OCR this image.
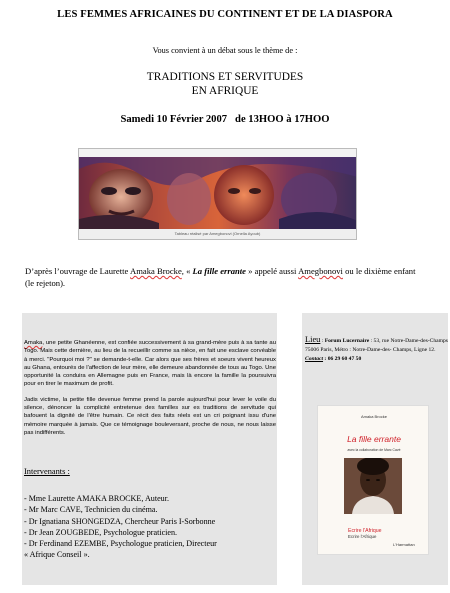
LES FEMMES AFRICAINES DU CONTINENT ET DE LA DIASPORA
Vous convient à un débat sous le thème de :
TRADITIONS ET SERVITUDES
EN AFRIQUE
Samedi 10 Février 2007 de 13HOO à 17HOO
Tableau réalisé par Amegbonovi (Ornella Ayoub)
D’après l’ouvrage de Laurette Amaka Brocke, « La fille errante » appelé aussi Amegbonovi ou le dixième enfant (le rejeton).

Amaka, une petite Ghanéenne, est confiée successivement à sa grand-mère puis à sa tante au Togo. Mais cette dernière, au lieu de la recueillir comme sa nièce, en fait une esclave corvéable à merci. "Pourquoi moi ?" se demande-t-elle. Car alors que ses frères et soeurs vivent heureux au Ghana, entourés de l'affection de leur mère, elle demeure abandonnée de tous au Togo. Une opportunité la conduira en Allemagne puis en France, mais là encore la famille la poursuivra pour en tirer le maximum de profit.

Jadis victime, la petite fille devenue femme prend la parole aujourd'hui pour lever le voile du silence, dénoncer la complicité entretenue des familles sur es traditions de servitude qui bafouent la dignité de l'être humain. Ce récit des faits réels est un cri poignant issu d'une mémoire marquée à jamais. Que ce témoignage bouleversant, proche de nous, ne nous laisse pas indifférents.

Intervenants :
- Mme Laurette AMAKA BROCKE, Auteur.
- Mr Marc CAVE, Technicien du cinéma.
- Dr Ignatiana SHONGEDZA, Chercheur Paris I-Sorbonne
- Dr Jean ZOUGBEDE, Psychologue praticien.
- Dr Ferdinand EZEMBE, Psychologue praticien, Directeur
« Afrique Conseil ».
Lieu : Forum Lucernaire : 53, rue Notre-Dame-des-Champs 75006 Paris, Métro : Notre-Dame-des- Champs, Ligne 12. Contact : 06 29 60 47 50
Amaka Brocke
La fille errante
avec la collaboration de Marc Cavé
Ecrire l'Afrique
Ecrire l'Afrique
L'Harmattan
